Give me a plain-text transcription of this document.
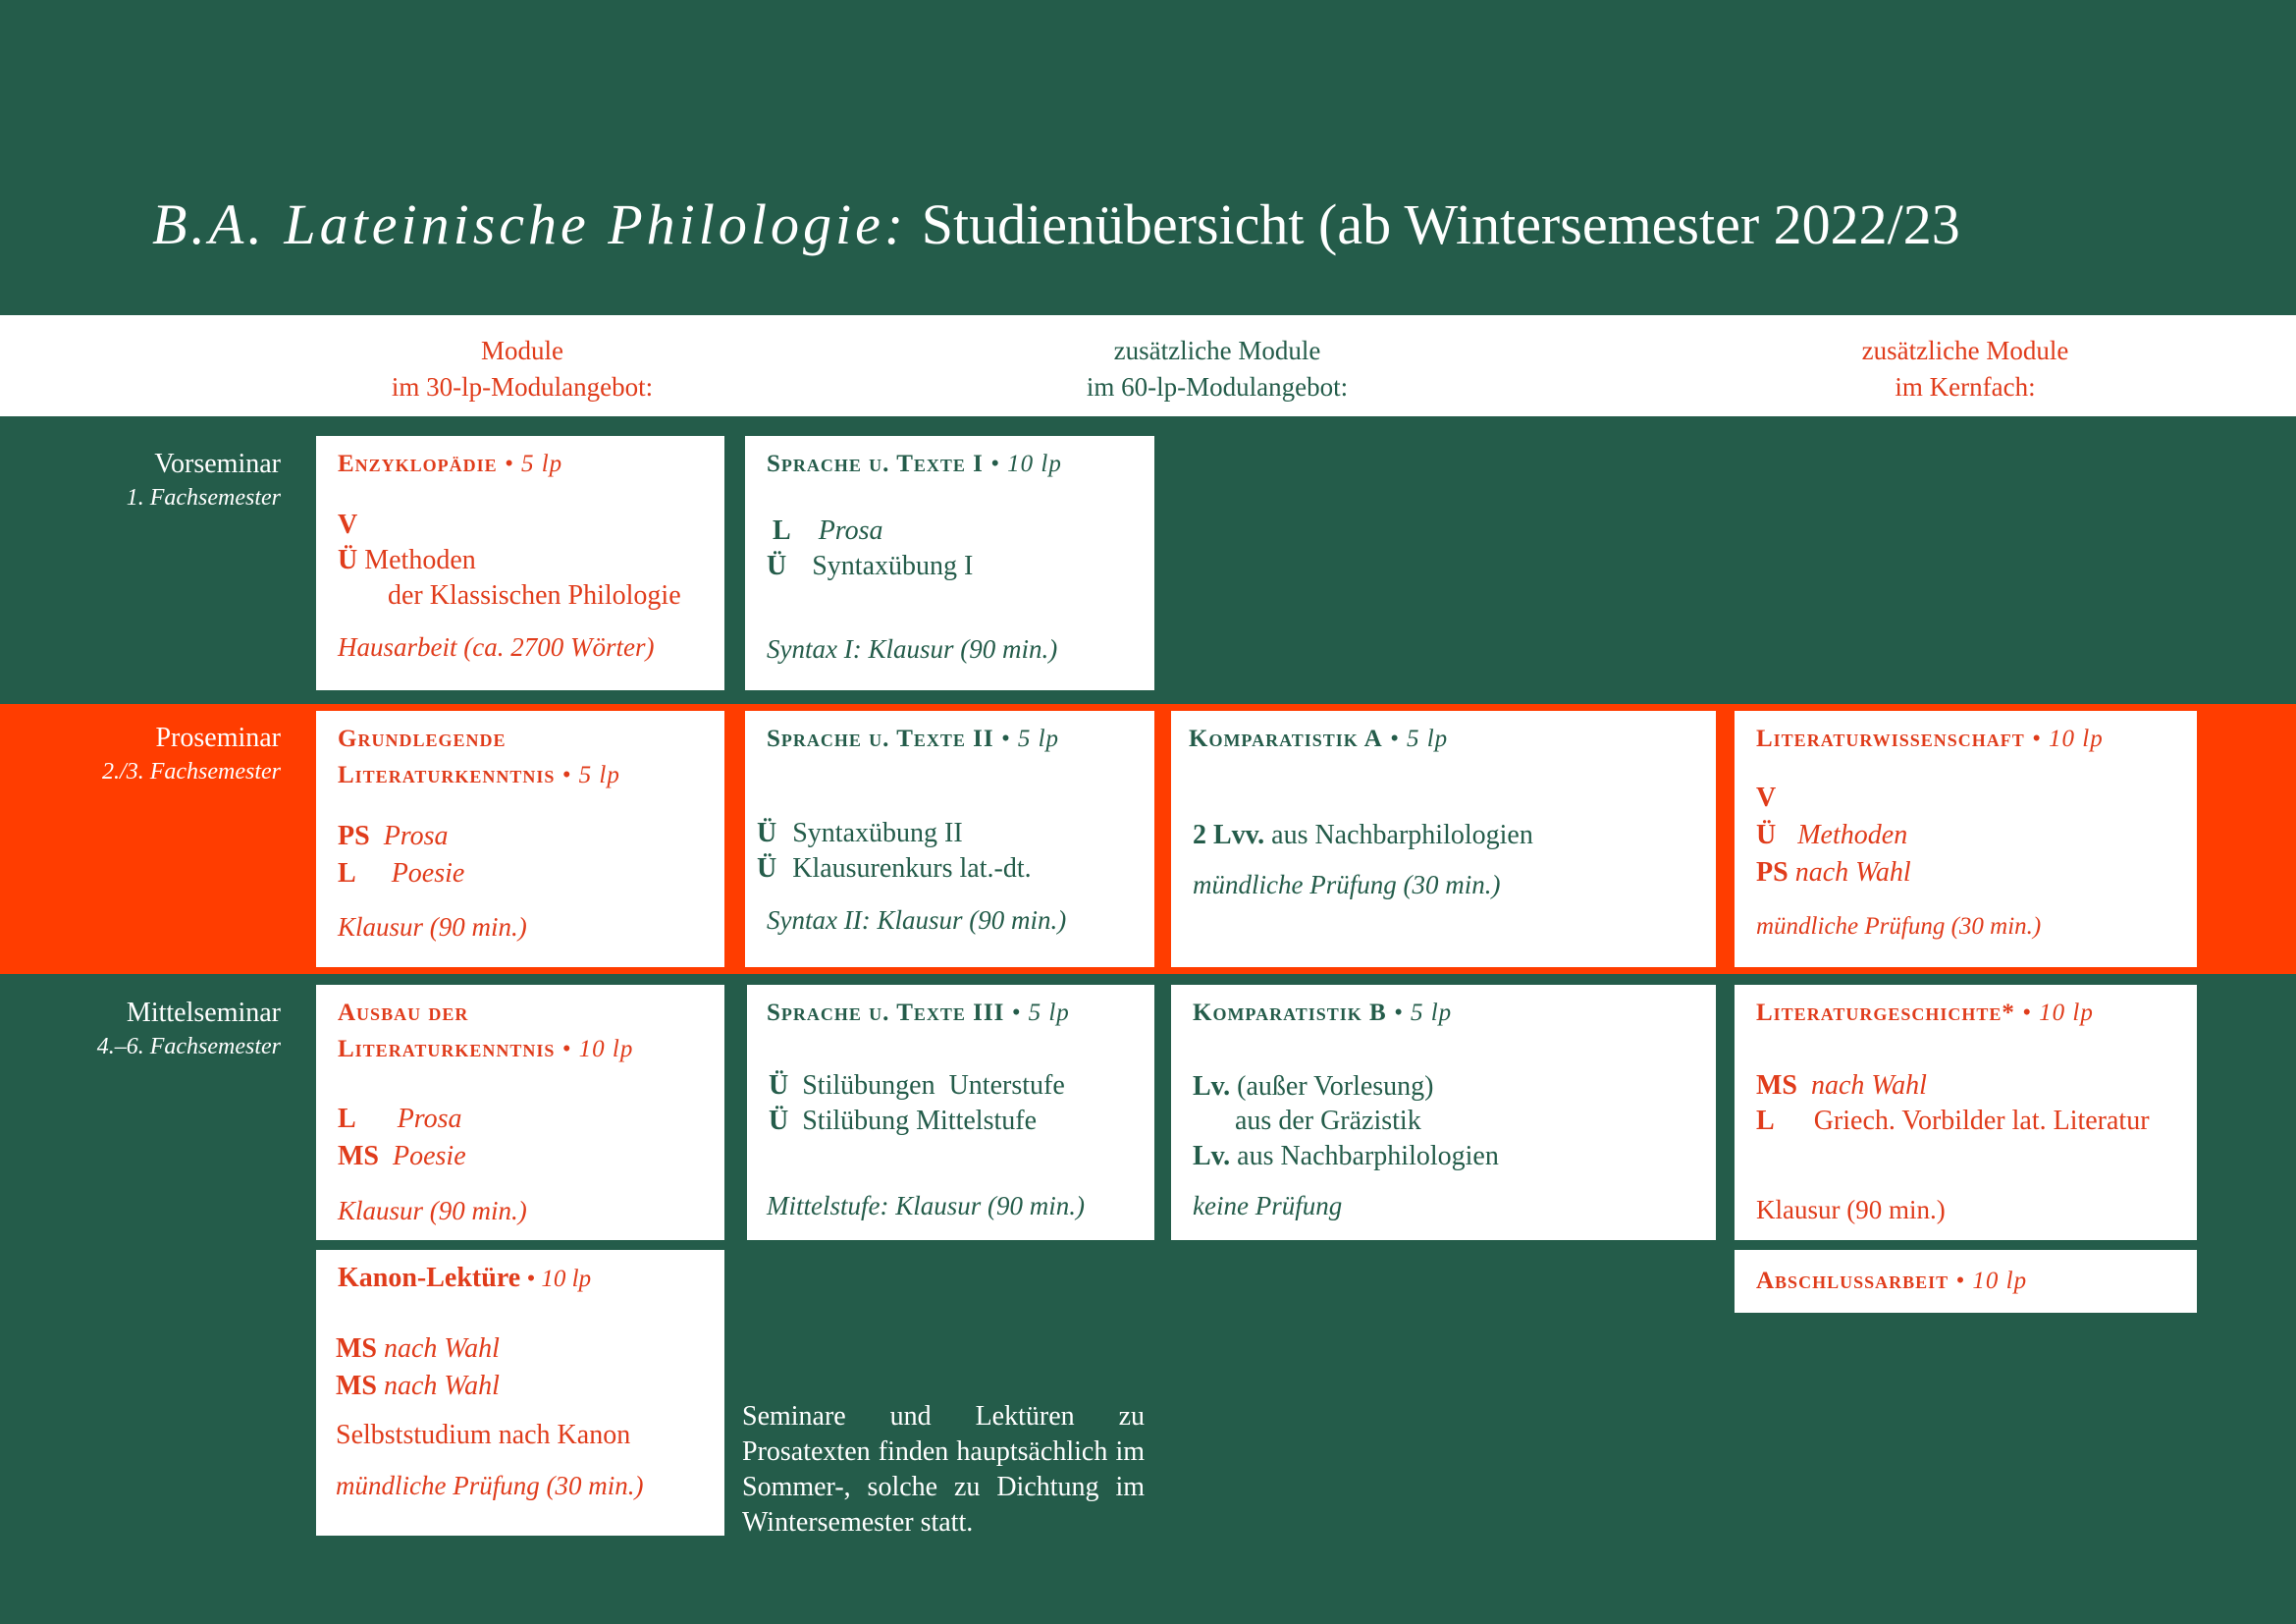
B.A. Lateinische Philologie: Studienübersicht (ab Wintersemester 2022/23
Module
im 30-lp-Modulangebot:
zusätzliche Module
im 60-lp-Modulangebot:
zusätzliche Module
im Kernfach:
Vorseminar
1. Fachsemester
Proseminar
2./3. Fachsemester
Mittelseminar
4.–6. Fachsemester
Enzyklopädie • 5 lp
V
Ü Methoden
der Klassischen Philologie
Hausarbeit (ca. 2700 Wörter)
Sprache u. Texte I • 10 lp
L Prosa
Ü Syntaxübung I
Syntax I: Klausur (90 min.)
Grundlegende
Literaturkenntnis • 5 lp
PS Prosa
L Poesie
Klausur (90 min.)
Sprache u. Texte II • 5 lp
Ü Syntaxübung II
Ü Klausurenkurs lat.-dt.
Syntax II: Klausur (90 min.)
Komparatistik A • 5 lp
2 Lvv. aus Nachbarphilologien
mündliche Prüfung (30 min.)
Literaturwissenschaft • 10 lp
V
Ü Methoden
PS nach Wahl
mündliche Prüfung (30 min.)
Ausbau der
Literaturkenntnis • 10 lp
L Prosa
MS Poesie
Klausur (90 min.)
Sprache u. Texte III • 5 lp
Ü Stilübungen  Unterstufe
Ü Stilübung Mittelstufe
Mittelstufe: Klausur (90 min.)
Komparatistik B • 5 lp
Lv. (außer Vorlesung)
aus der Gräzistik
Lv. aus Nachbarphilologien
keine Prüfung
Literaturgeschichte* • 10 lp
MS nach Wahl
L Griech. Vorbilder lat. Literatur
Klausur (90 min.)
Kanon-Lektüre • 10 lp
MS nach Wahl
MS nach Wahl
Selbststudium nach Kanon
mündliche Prüfung (30 min.)
Abschlussarbeit • 10 lp
Seminare und Lektüren zu Prosatexten finden hauptsächlich im Sommer-, solche zu Dichtung im Wintersemester statt.
